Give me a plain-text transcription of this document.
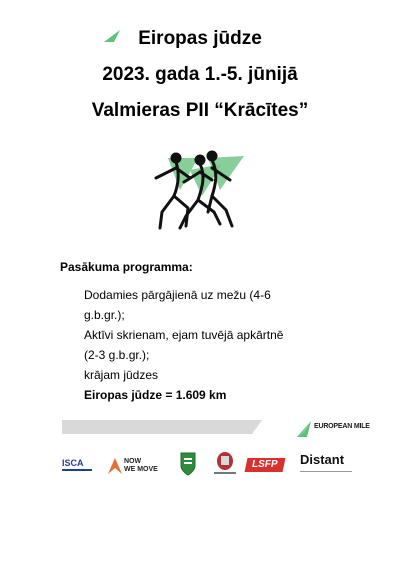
Eiropas jūdze
2023. gada 1.-5. jūnijā
Valmieras PII “Krācītes”
Pasākuma programma:
Dodamies pārgājienā uz mežu (4-6
g.b.gr.);
Aktīvi skrienam, ejam tuvējā apkārtnē
(2-3 g.b.gr.);
krājam jūdzes
Eiropas jūdze = 1.609 km
EUROPEAN MILE
ISCA	NOW
WE MOVE	LSFP Distant
